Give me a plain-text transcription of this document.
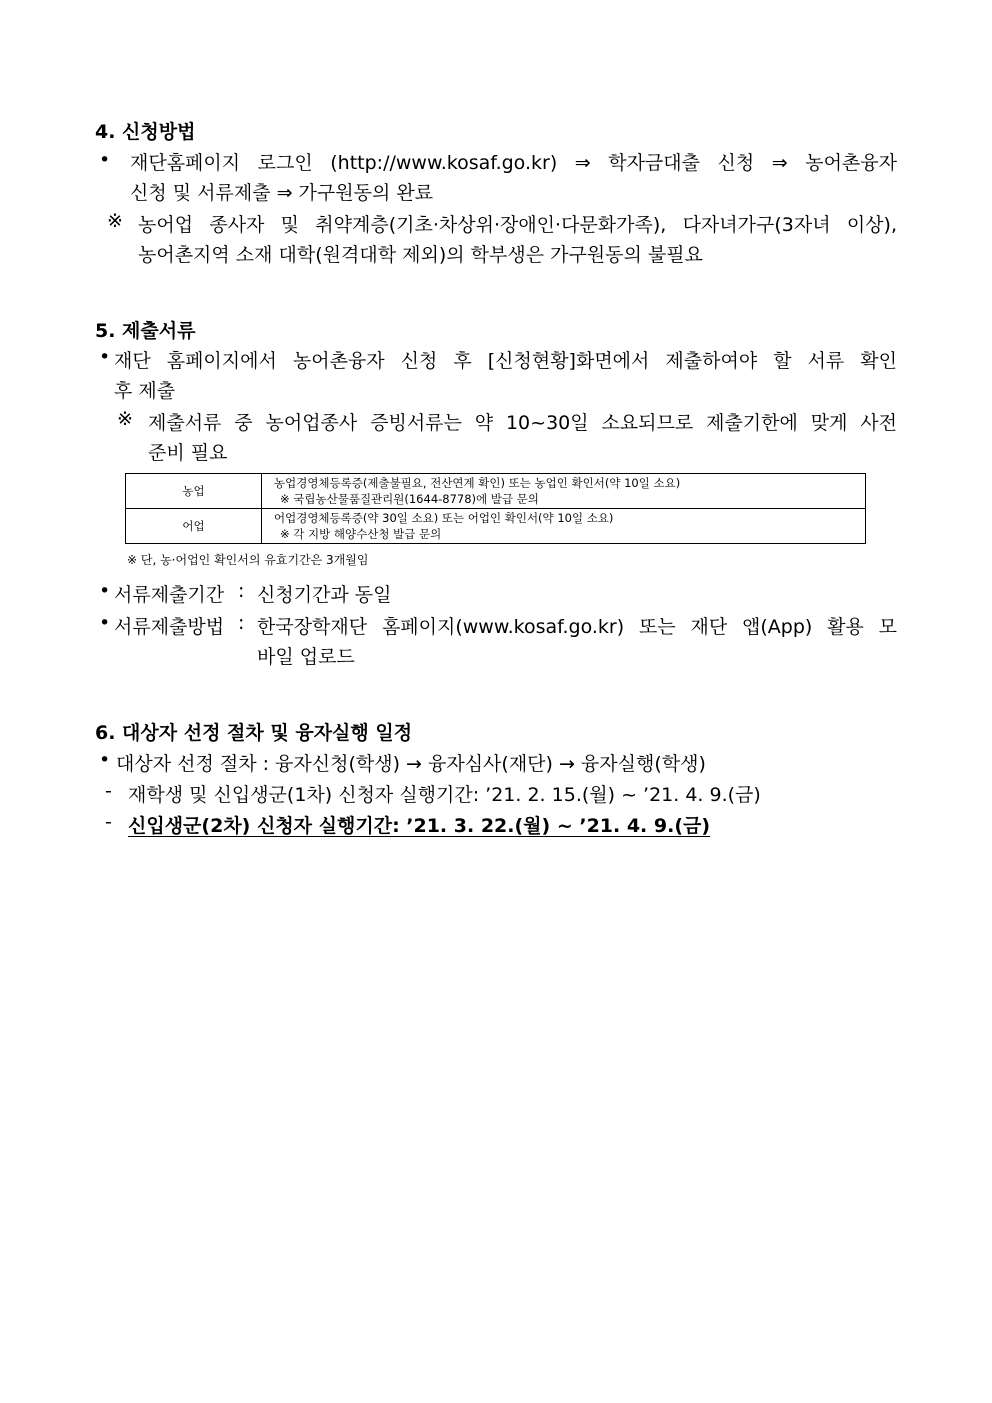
4. 신청방법
• 재단홈페이지 로그인 (http://www.kosaf.go.kr) ⇒ 학자금대출 신청 ⇒ 농어촌융자
신청 및 서류제출 ⇒ 가구원동의 완료
※ 농어업 종사자 및 취약계층(기초·차상위·장애인·다문화가족), 다자녀가구(3자녀 이상),
농어촌지역 소재 대학(원격대학 제외)의 학부생은 가구원동의 불필요
5. 제출서류
• 재단 홈페이지에서 농어촌융자 신청 후 [신청현황]화면에서 제출하여야 할 서류 확인
후 제출
※ 제출서류 중 농어업종사 증빙서류는 약 10~30일 소요되므로 제출기한에 맞게 사전
준비 필요
농업	농업경영체등록증(제출불필요, 전산연계 확인) 또는 농업인 확인서(약 10일 소요)
※ 국립농산물품질관리원(1644-8778)에 발급 문의

어업	어업경영체등록증(약 30일 소요) 또는 어업인 확인서(약 10일 소요)
※ 각 지방 해양수산청 발급 문의
※ 단, 농·어업인 확인서의 유효기간은 3개월임
• 서류제출기간 : 신청기간과 동일
• 서류제출방법 : 한국장학재단 홈페이지(www.kosaf.go.kr) 또는 재단 앱(App) 활용 모
바일 업로드
6. 대상자 선정 절차 및 융자실행 일정
• 대상자 선정 절차 : 융자신청(학생) → 융자심사(재단) → 융자실행(학생)
- 재학생 및 신입생군(1차) 신청자 실행기간: ’21. 2. 15.(월) ~ ’21. 4. 9.(금)
- 신입생군(2차) 신청자 실행기간: ’21. 3. 22.(월) ~ ’21. 4. 9.(금)
